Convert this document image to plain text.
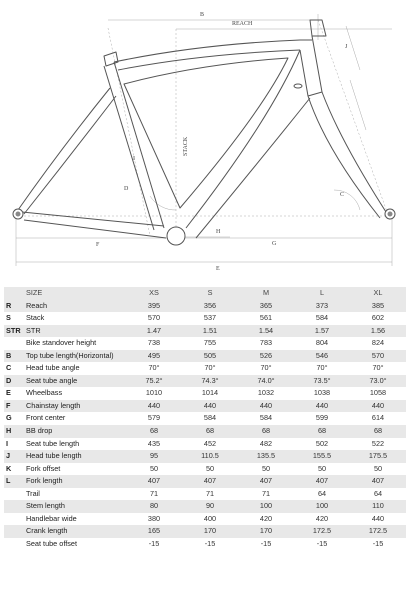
B
REACH
STACK
H
G
F
E
D
C
I
J
	SIZE	XS	S	M	L	XL
R	Reach	395	356	365	373	385
S	Stack	570	537	561	584	602
STR	STR	1.47	1.51	1.54	1.57	1.56
	Bike standover height	738	755	783	804	824
B	Top tube length(Horizontal)	495	505	526	546	570
C	Head tube angle	70°	70°	70°	70°	70°
D	Seat tube angle	75.2°	74.3°	74.0°	73.5°	73.0°
E	Wheelbass	1010	1014	1032	1038	1058
F	Chainstay length	440	440	440	440	440
G	Front center	579	584	584	599	614
H	BB drop	68	68	68	68	68
I	Seat tube length	435	452	482	502	522
J	Head tube length	95	110.5	135.5	155.5	175.5
K	Fork offset	50	50	50	50	50
L	Fork length	407	407	407	407	407
	Trail	71	71	71	64	64
	Stem length	80	90	100	100	110
	Handlebar wide	380	400	420	420	440
	Crank length	165	170	170	172.5	172.5
	Seat tube offset	-15	-15	-15	-15	-15
